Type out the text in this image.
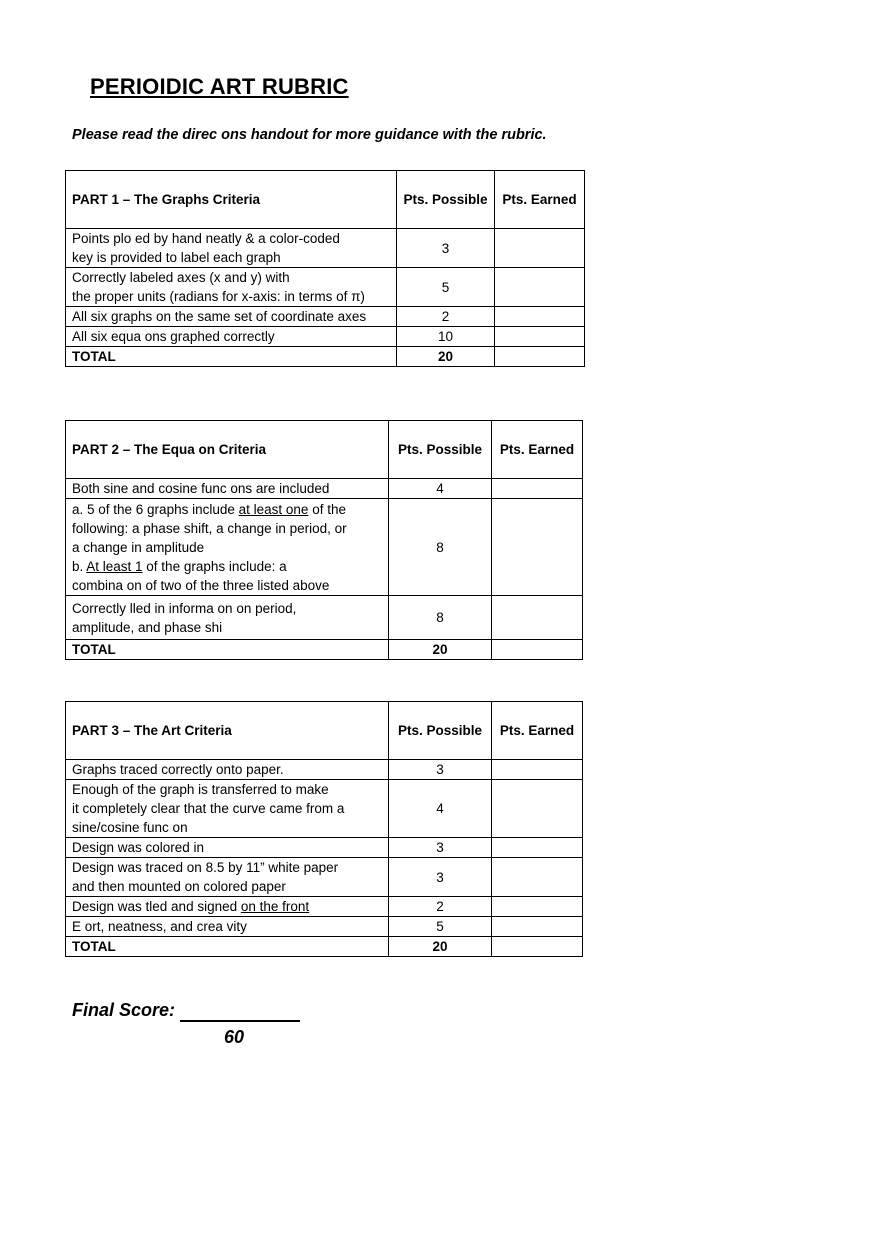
PERIOIDIC ART RUBRIC
Please read the direc ons handout for more guidance with the rubric.
PART 1 – The Graphs Criteria	Pts. Possible	Pts. Earned
Points plo ed by hand neatly & a color-coded
key is provided to label each graph	3	
Correctly labeled axes (x and y) with
the proper units (radians for x-axis: in terms of π)	5	
All six graphs on the same set of coordinate axes	2	
All six equa ons graphed correctly	10	
TOTAL	20	
PART 2 – The Equa on Criteria	Pts. Possible	Pts. Earned
Both sine and cosine func ons are included	4	
a. 5 of the 6 graphs include at least one of the
following: a phase shift, a change in period, or
a change in amplitude
b. At least 1 of the graphs include: a
combina on of two of the three listed above	8	
Correctly lled in informa on on period,
amplitude, and phase shi	8	
TOTAL	20	
PART 3 – The Art Criteria	Pts. Possible	Pts. Earned
Graphs traced correctly onto paper.	3	
Enough of the graph is transferred to make
it completely clear that the curve came from a
sine/cosine func on	4	
Design was colored in	3	
Design was traced on 8.5 by 11” white paper
and then mounted on colored paper	3	
Design was tled and signed on the front	2	
E ort, neatness, and crea vity	5	
TOTAL	20	
Final Score:
60
